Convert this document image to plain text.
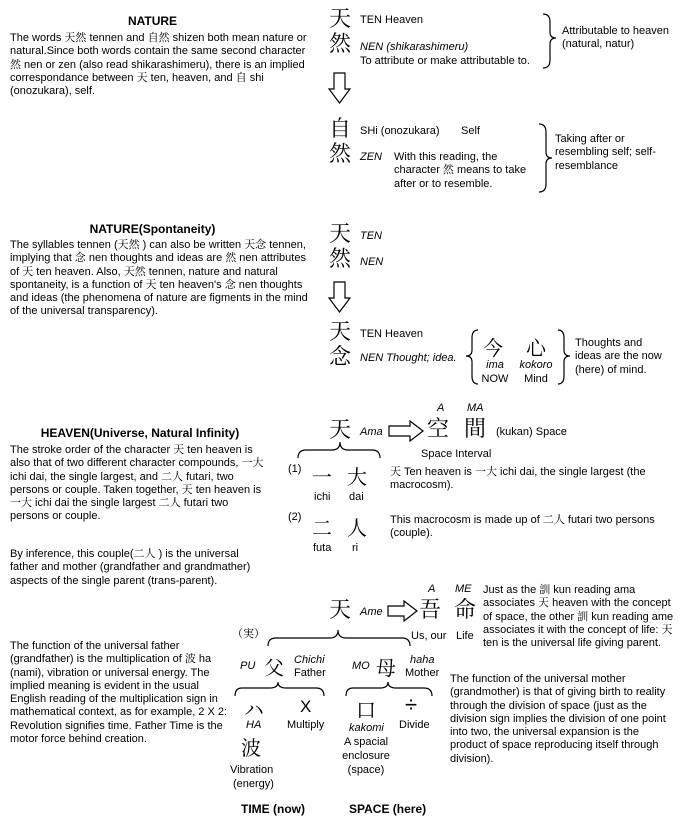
NATURE
The words 天然 tennen and 自然 shizen both mean nature or natural.Since both words contain the same second character 然 nen or zen (also read shikarashimeru), there is an implied correspondance between 天 ten, heaven, and 自 shi (onozukara), self.
NATURE(Spontaneity)
The syllables tennen (天然 ) can also be written 天念 tennen, implying that 念 nen thoughts and ideas are 然 nen attributes of 天 ten heaven. Also, 天然 tennen, nature and natural spontaneity, is a function of 天 ten heaven's 念 nen thoughts and ideas (the phenomena of nature are figments in the mind of the universal transparency).
HEAVEN(Universe, Natural Infinity)
The stroke order of the character 天 ten heaven is also that of two different character compounds, 一大 ichi dai, the single largest, and 二人 futari, two persons or couple. Taken together, 天 ten heaven is 一大 ichi dai the single largest 二人 futari two persons or couple.
By inference, this couple(二人 ) is the universal father and mother (grandfather and grandmather) aspects of the single parent (trans-parent).
The function of the universal father (grandfather) is the multiplication of 波 ha (nami), vibration or universal energy. The implied meaning is evident in the usual English reading of the multiplication sign in mathematical context, as for example, 2 X 2: Revolution signifies time. Father Time is the motor force behind creation.
天
然
TEN Heaven
NEN (shikarashimeru)
To attribute or make attributable to.
Attributable to heaven (natural, natur)
自
然
SHi (onozukara) Self
ZEN With this reading, the character 然 means to take after or to resemble.
Taking after or resembling self; self-resemblance
天
然
TEN
NEN
天
念
TEN Heaven
NEN Thought; idea. 今
ima
NOW
心
kokoro
Mind
Thoughts and ideas are the now (here) of mind.
天 Ama
A MA
空 間 (kukan) Space
Space Interval
(1) 一 大
ichi dai
天 Ten heaven is 一大 ichi dai, the single largest (the macrocosm).
(2) 二 人
futa ri
This macrocosm is made up of 二人 futari two persons (couple).
A ME
天 Ame 吾 命
Us, our Life
Just as the 訓 kun reading ama associates 天 heaven with the concept of space, the other 訓 kun reading ame associates it with the concept of life: 天 ten is the universal life giving parent.
（実）
PU 父 Chichi
Father
MO 母 haha
Mother
ハ
HA
波
Vibration
(energy)
X
Multiply
口
kakomi
÷
Divide
A spacial
enclosure
(space)
The function of the universal mother (grandmother) is that of giving birth to reality through the division of space (just as the division sign implies the division of one point into two, the universal expansion is the product of space reproducing itself through division).
TIME (now)	SPACE (here)
